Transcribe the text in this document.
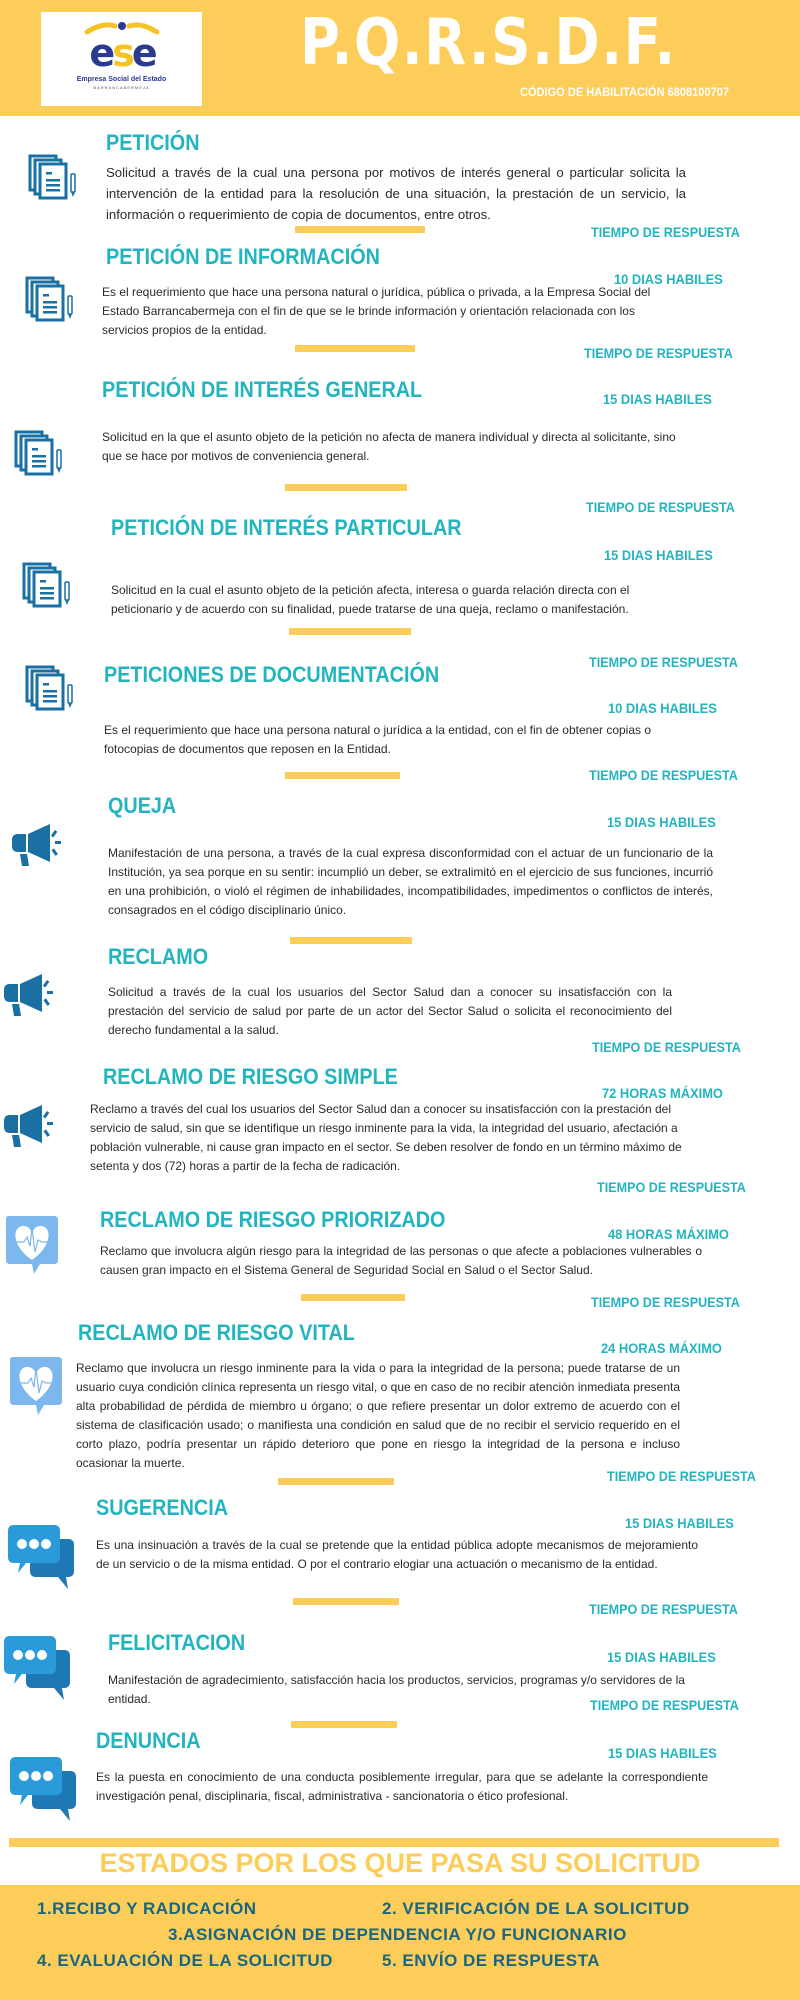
ese
Empresa Social del Estado
BARRANCABERMEJA
P.Q.R.S.D.F.
CÓDIGO DE HABILITACIÓN 6808100707
PETICIÓN
Solicitud a través de la cual una persona por motivos de interés general o particular solicita la intervención de la entidad para la resolución de una situación, la prestación de un servicio, la información o requerimiento de copia de documentos, entre otros.
TIEMPO DE RESPUESTA
PETICIÓN DE INFORMACIÓN
10 DIAS HABILES
Es el requerimiento que hace una persona natural o jurídica, pública o privada, a la Empresa Social del Estado Barrancabermeja con el fin de que se le brinde información y orientación relacionada con los servicios propios de la entidad.
TIEMPO DE RESPUESTA
PETICIÓN DE INTERÉS GENERAL	15 DIAS HABILES
Solicitud en la que el asunto objeto de la petición no afecta de manera individual y directa al solicitante, sino que se hace por motivos de conveniencia general.
TIEMPO DE RESPUESTA
PETICIÓN DE INTERÉS PARTICULAR
15 DIAS HABILES
Solicitud en la cual el asunto objeto de la petición afecta, interesa o guarda relación directa con el peticionario y de acuerdo con su finalidad, puede tratarse de una queja, reclamo o manifestación.
TIEMPO DE RESPUESTA
PETICIONES DE DOCUMENTACIÓN
10 DIAS HABILES
Es el requerimiento que hace una persona natural o jurídica a la entidad, con el fin de obtener copias o fotocopias de documentos que reposen en la Entidad.
TIEMPO DE RESPUESTA
QUEJA
15 DIAS HABILES
Manifestación de una persona, a través de la cual expresa disconformidad con el actuar de un funcionario de la Institución, ya sea porque en su sentir: incumplió un deber, se extralimitó en el ejercicio de sus funciones, incurrió en una prohibición, o violó el régimen de inhabilidades, incompatibilidades, impedimentos o conflictos de interés, consagrados en el código disciplinario único.
RECLAMO
Solicitud a través de la cual los usuarios del Sector Salud dan a conocer su insatisfacción con la prestación del servicio de salud por parte de un actor del Sector Salud o solicita el reconocimiento del derecho fundamental a la salud.
TIEMPO DE RESPUESTA
RECLAMO DE RIESGO SIMPLE
72 HORAS MÁXIMO
Reclamo a través del cual los usuarios del Sector Salud dan a conocer su insatisfacción con la prestación del servicio de salud, sin que se identifique un riesgo inminente para la vida, la integridad del usuario, afectación a población vulnerable, ni cause gran impacto en el sector. Se deben resolver de fondo en un término máximo de setenta y dos (72) horas a partir de la fecha de radicación.
TIEMPO DE RESPUESTA
RECLAMO DE RIESGO PRIORIZADO
48 HORAS MÁXIMO
Reclamo que involucra algún riesgo para la integridad de las personas o que afecte a poblaciones vulnerables o causen gran impacto en el Sistema General de Seguridad Social en Salud o el Sector Salud.
TIEMPO DE RESPUESTA
RECLAMO DE RIESGO VITAL
24 HORAS MÁXIMO
Reclamo que involucra un riesgo inminente para la vida o para la integridad de la persona; puede tratarse de un usuario cuya condición clínica representa un riesgo vital, o que en caso de no recibir atención inmediata presenta alta probabilidad de pérdida de miembro u órgano; o que refiere presentar un dolor extremo de acuerdo con el sistema de clasificación usado; o manifiesta una condición en salud que de no recibir el servicio requerido en el corto plazo, podría presentar un rápido deterioro que pone en riesgo la integridad de la persona e incluso ocasionar la muerte.
TIEMPO DE RESPUESTA
SUGERENCIA
15 DIAS HABILES
Es una insinuación a través de la cual se pretende que la entidad pública adopte mecanismos de mejoramiento de un servicio o de la misma entidad. O por el contrario elogiar una actuación o mecanismo de la entidad.
TIEMPO DE RESPUESTA
FELICITACION
15 DIAS HABILES
Manifestación de agradecimiento, satisfacción hacia los productos, servicios, programas y/o servidores de la entidad.	TIEMPO DE RESPUESTA
DENUNCIA	15 DIAS HABILES
Es la puesta en conocimiento de una conducta posiblemente irregular, para que se adelante la correspondiente investigación penal, disciplinaria, fiscal, administrativa - sancionatoria o ético profesional.
ESTADOS POR LOS QUE PASA SU SOLICITUD
1.RECIBO Y RADICACIÓN	2. VERIFICACIÓN DE LA SOLICITUD
3.ASIGNACIÓN DE DEPENDENCIA Y/O FUNCIONARIO
4. EVALUACIÓN DE LA SOLICITUD	5. ENVÍO DE RESPUESTA
